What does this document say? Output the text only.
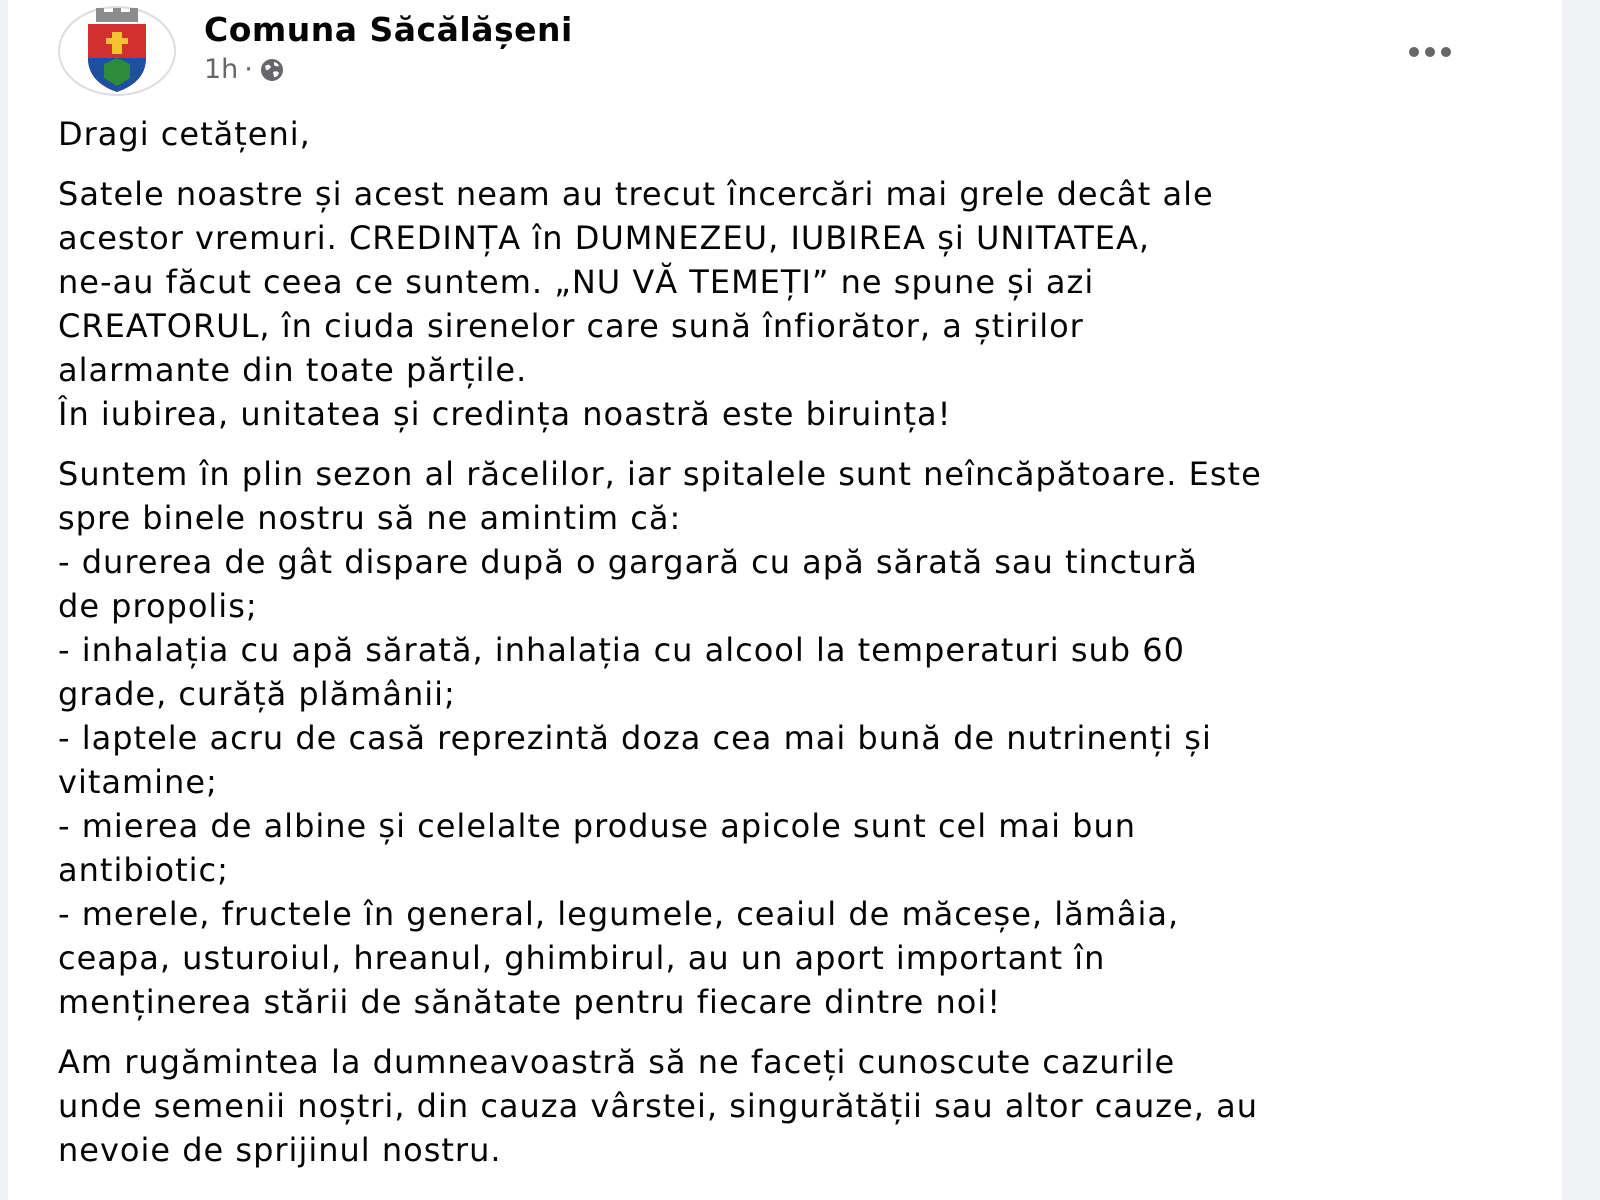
Comuna Săcălășeni
1h ·

Dragi cetățeni,

Satele noastre și acest neam au trecut încercări mai grele decât ale
acestor vremuri. CREDINȚA în DUMNEZEU, IUBIREA și UNITATEA,
ne-au făcut ceea ce suntem. „NU VĂ TEMEȚI” ne spune și azi
CREATORUL, în ciuda sirenelor care sună înfiorător, a știrilor
alarmante din toate părțile.
În iubirea, unitatea și credința noastră este biruința!

Suntem în plin sezon al răcelilor, iar spitalele sunt neîncăpătoare. Este
spre binele nostru să ne amintim că:
- durerea de gât dispare după o gargară cu apă sărată sau tinctură
de propolis;
- inhalația cu apă sărată, inhalația cu alcool la temperaturi sub 60
grade, curăță plămânii;
- laptele acru de casă reprezintă doza cea mai bună de nutrinenți și
vitamine;
- mierea de albine și celelalte produse apicole sunt cel mai bun
antibiotic;
- merele, fructele în general, legumele, ceaiul de măceșe, lămâia,
ceapa, usturoiul, hreanul, ghimbirul, au un aport important în
menținerea stării de sănătate pentru fiecare dintre noi!

Am rugămintea la dumneavoastră să ne faceți cunoscute cazurile
unde semenii noștri, din cauza vârstei, singurătății sau altor cauze, au
nevoie de sprijinul nostru.
